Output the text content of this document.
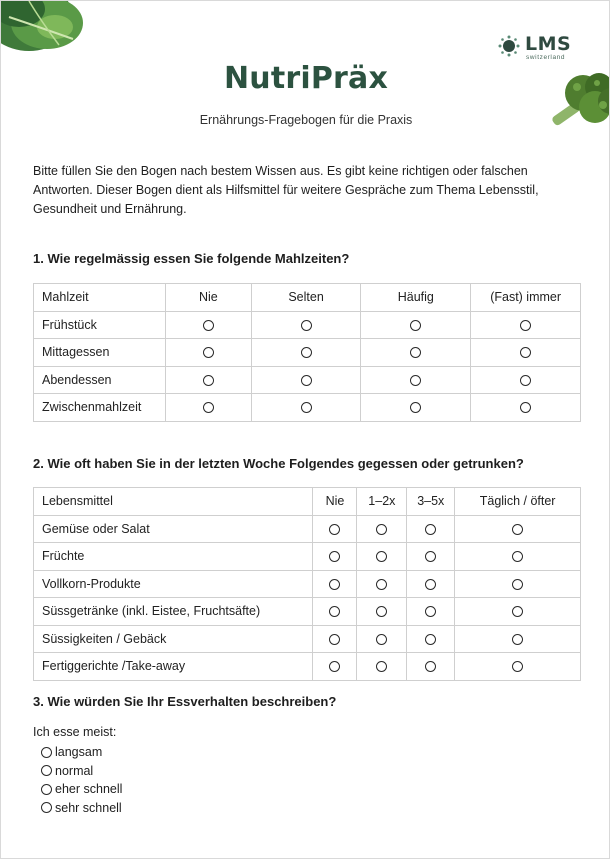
LMS
switzerland
NutriPräx
Ernährungs-Fragebogen für die Praxis
Bitte füllen Sie den Bogen nach bestem Wissen aus. Es gibt keine richtigen oder falschen Antworten. Dieser Bogen dient als Hilfsmittel für weitere Gespräche zum Thema Lebensstil, Gesundheit und Ernährung.
1. Wie regelmässig essen Sie folgende Mahlzeiten?
Mahlzeit	Nie	Selten	Häufig	(Fast) immer
Frühstück				
Mittagessen				
Abendessen				
Zwischenmahlzeit				
2. Wie oft haben Sie in der letzten Woche Folgendes gegessen oder getrunken?
Lebensmittel	Nie	1–2x	3–5x	Täglich / öfter
Gemüse oder Salat				
Früchte				
Vollkorn-Produkte				
Süssgetränke (inkl. Eistee, Fruchtsäfte)				
Süssigkeiten / Gebäck				
Fertiggerichte /Take-away				
3. Wie würden Sie Ihr Essverhalten beschreiben?
Ich esse meist:
langsam
normal
eher schnell
sehr schnell
